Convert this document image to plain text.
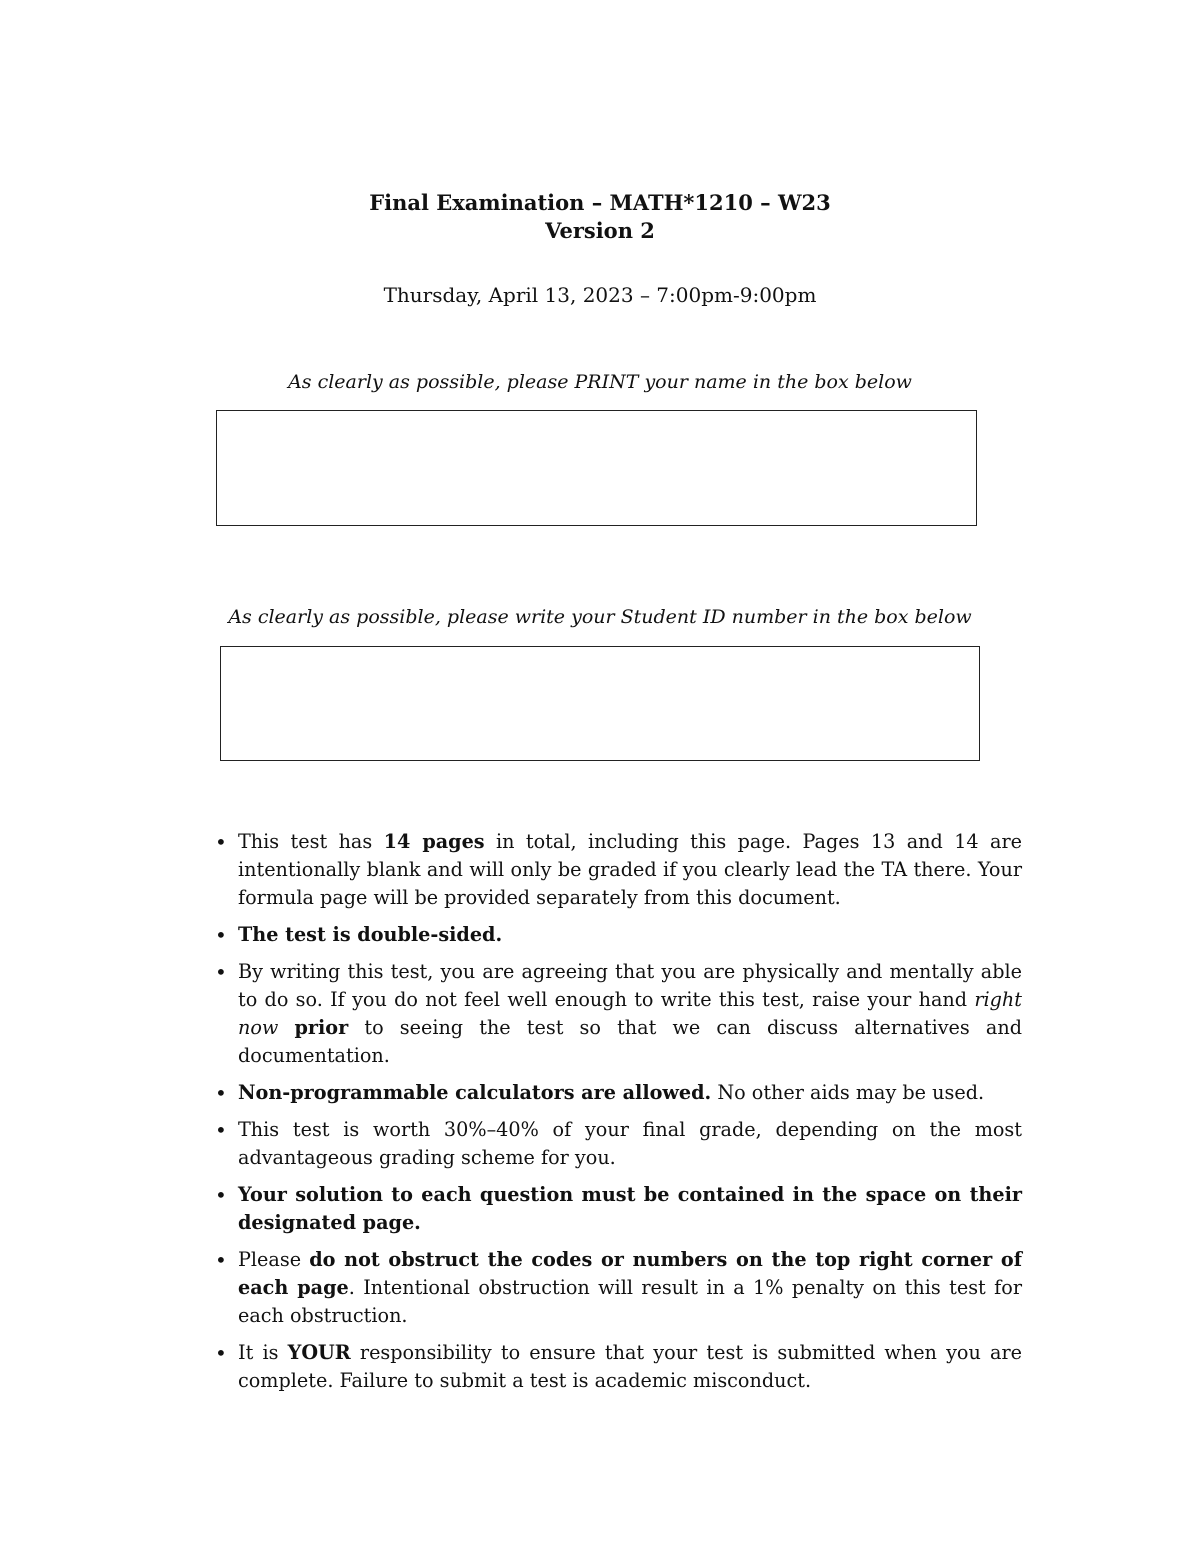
Final Examination – MATH*1210 – W23
Version 2
Thursday, April 13, 2023 – 7:00pm-9:00pm
As clearly as possible, please PRINT your name in the box below
As clearly as possible, please write your Student ID number in the box below
• This test has 14 pages in total, including this page. Pages 13 and 14 are intentionally blank and will only be graded if you clearly lead the TA there. Your formula page will be provided separately from this document.
• The test is double-sided.
• By writing this test, you are agreeing that you are physically and mentally able to do so. If you do not feel well enough to write this test, raise your hand right now prior to seeing the test so that we can discuss alternatives and documentation.
• Non-programmable calculators are allowed. No other aids may be used.
• This test is worth 30%–40% of your final grade, depending on the most advantageous grading scheme for you.
• Your solution to each question must be contained in the space on their designated page.
• Please do not obstruct the codes or numbers on the top right corner of each page. Intentional obstruction will result in a 1% penalty on this test for each obstruction.
• It is YOUR responsibility to ensure that your test is submitted when you are complete. Failure to submit a test is academic misconduct.
